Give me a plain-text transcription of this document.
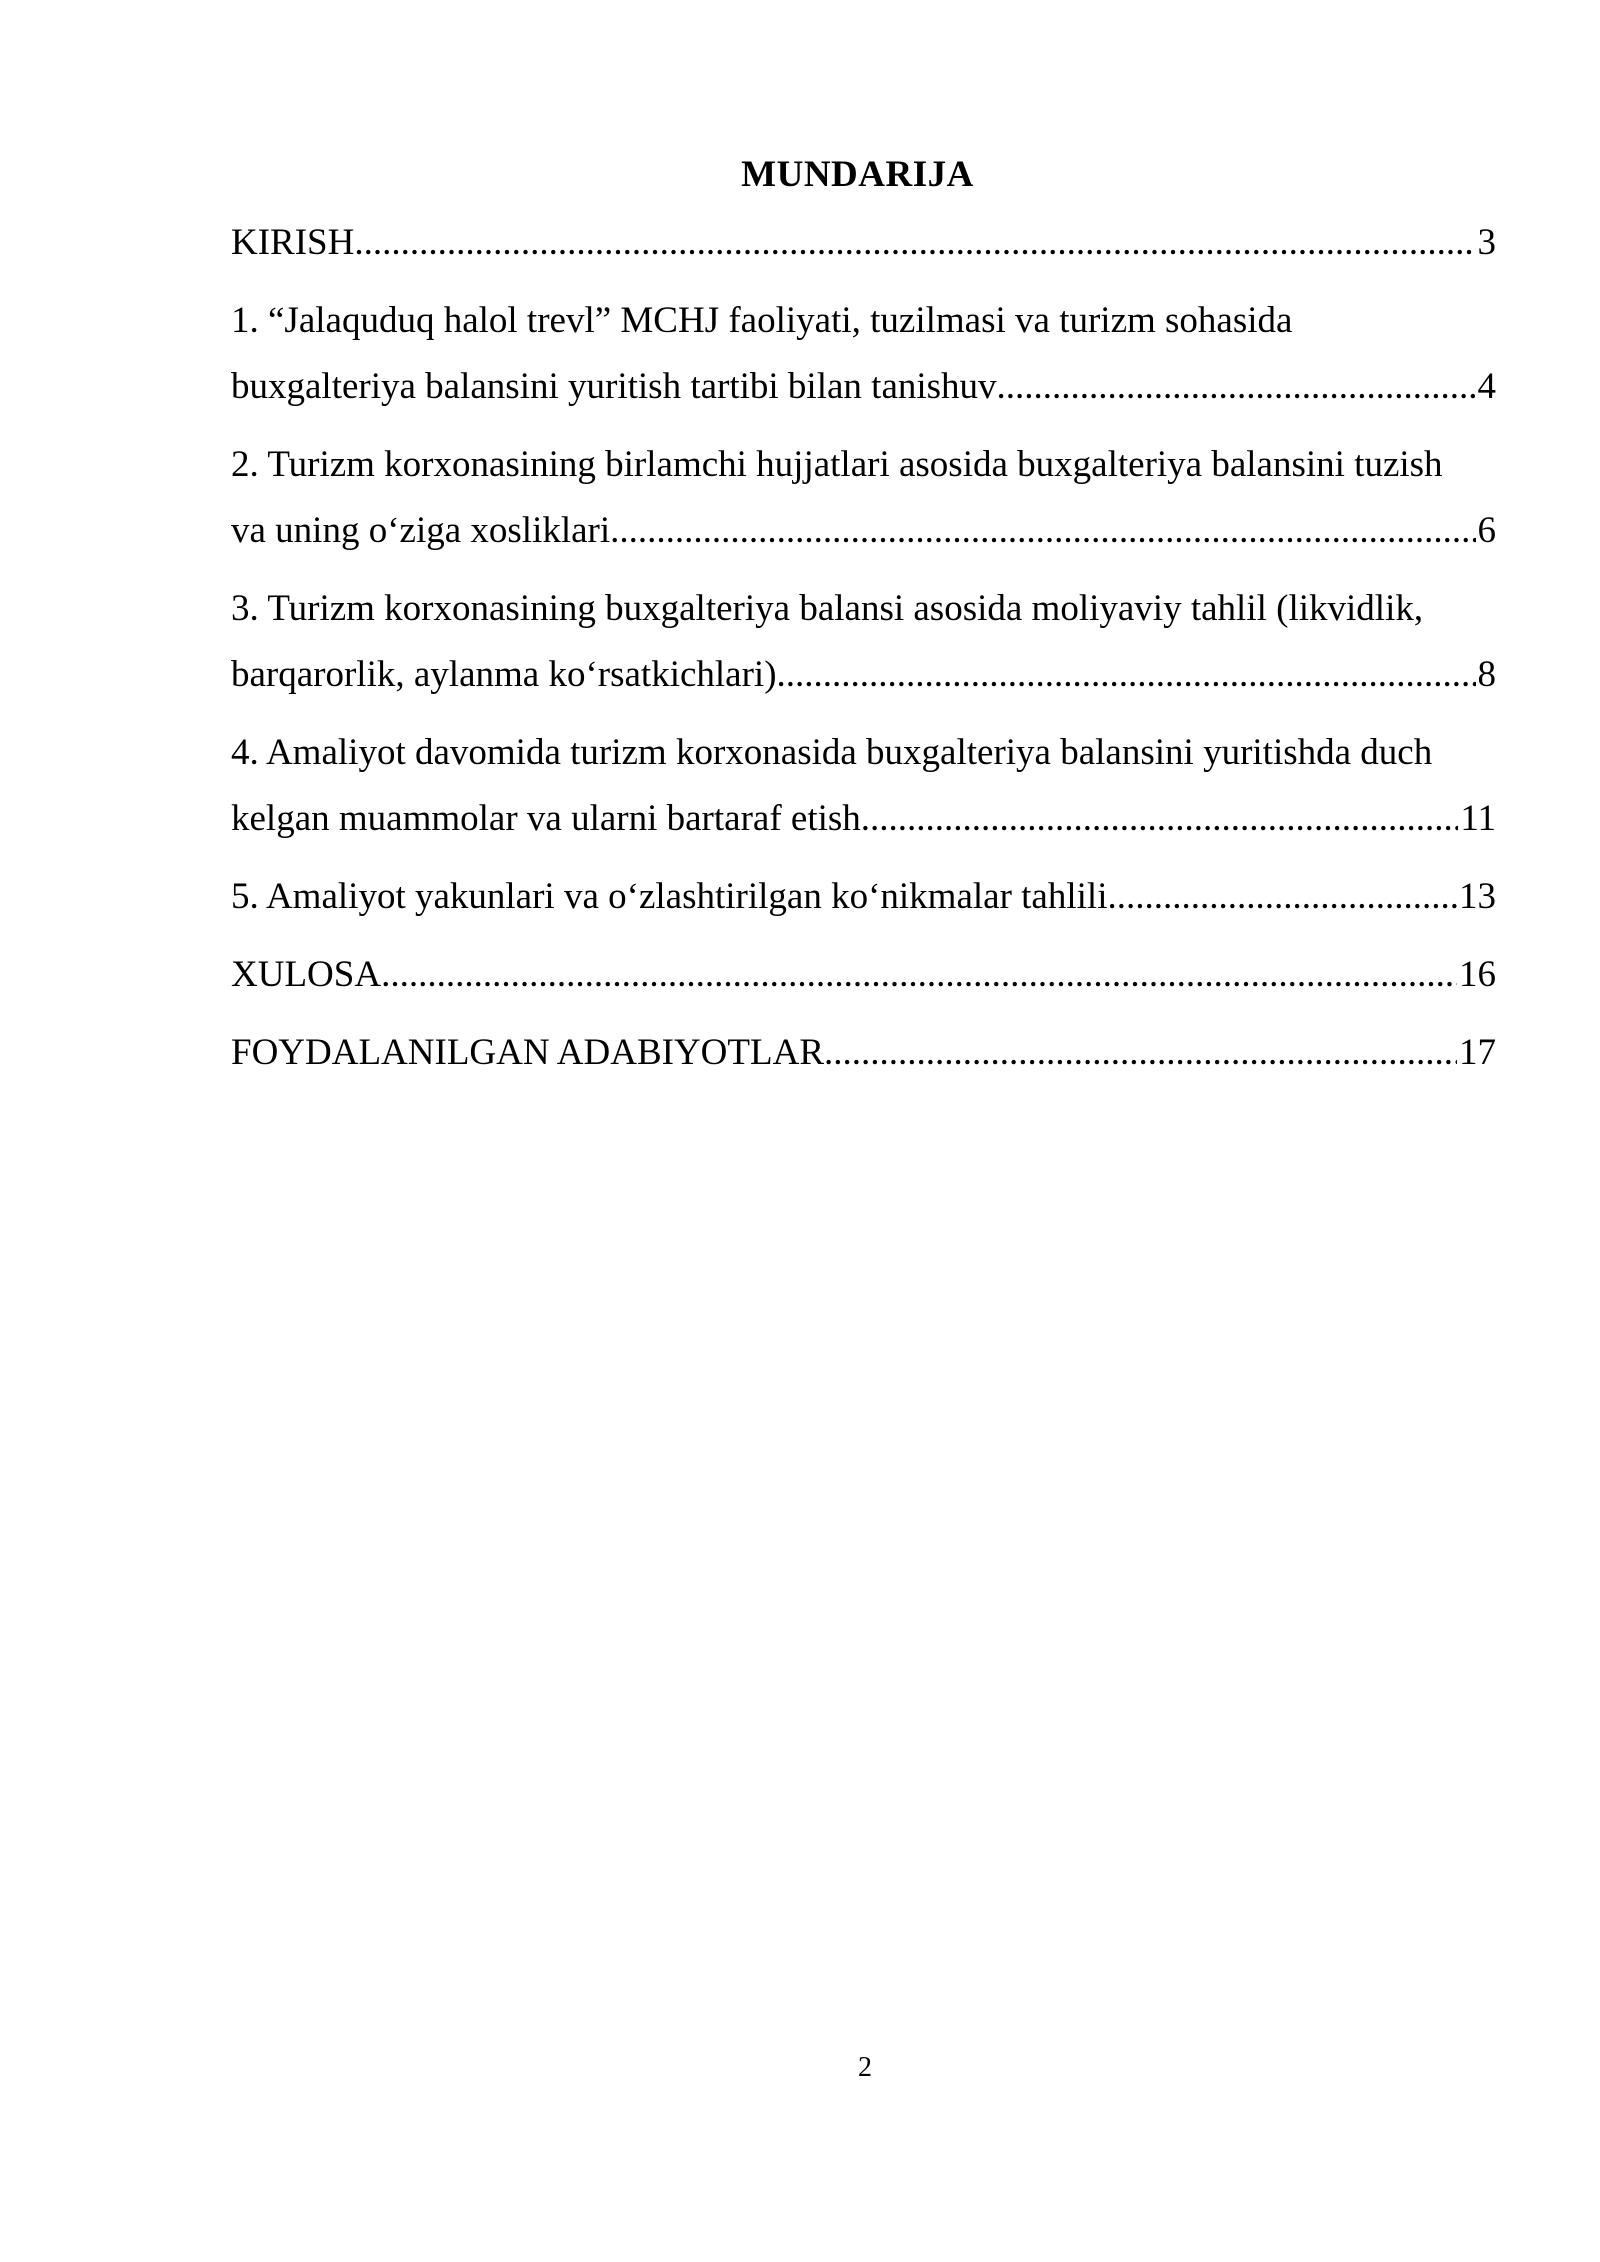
MUNDARIJA
KIRISH .....	3
1. “Jalaquduq halol trevl” MCHJ faoliyati, tuzilmasi va turizm sohasida
buxgalteriya balansini yuritish tartibi bilan tanishuv .....	4
2. Turizm korxonasining birlamchi hujjatlari asosida buxgalteriya balansini tuzish
va uning o‘ziga xosliklari .....	6
3. Turizm korxonasining buxgalteriya balansi asosida moliyaviy tahlil (likvidlik,
barqarorlik, aylanma ko‘rsatkichlari) .....	8
4. Amaliyot davomida turizm korxonasida buxgalteriya balansini yuritishda duch
kelgan muammolar va ularni bartaraf etish .....	11
5. Amaliyot yakunlari va o‘zlashtirilgan ko‘nikmalar tahlili .....	13
XULOSA .....	16
FOYDALANILGAN ADABIYOTLAR .....	17
2
